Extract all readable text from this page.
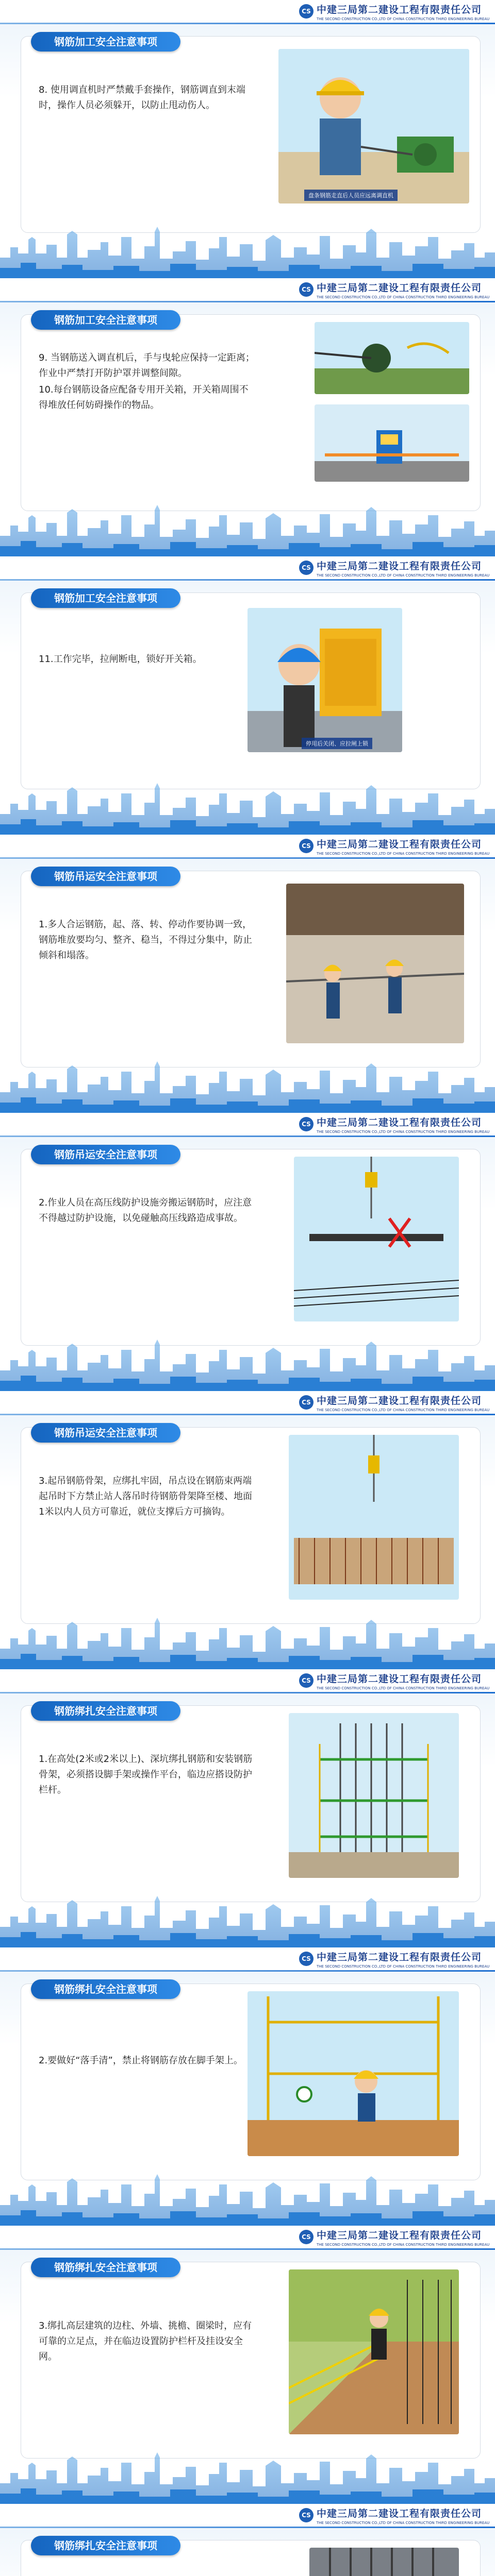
CS 中建三局第二建设工程有限责任公司
THE SECOND CONSTRUCTION CO.,LTD OF CHINA CONSTRUCTION THIRD ENGINEERING BUREAU
钢筋加工安全注意事项

8. 使用调直机时严禁戴手套操作，钢筋调直到末端时，操作人员必须躲开，以防止甩动伤人。

盘条钢筋走直后人员应远离调直机
CS 中建三局第二建设工程有限责任公司
THE SECOND CONSTRUCTION CO.,LTD OF CHINA CONSTRUCTION THIRD ENGINEERING BUREAU
钢筋加工安全注意事项

9. 当钢筋送入调直机后，手与曳轮应保持一定距离；作业中严禁打开防护罩并调整间隙。

10.每台钢筋设备应配备专用开关箱，开关箱周围不得堆放任何妨碍操作的物品。

CS 中建三局第二建设工程有限责任公司
THE SECOND CONSTRUCTION CO.,LTD OF CHINA CONSTRUCTION THIRD ENGINEERING BUREAU
钢筋加工安全注意事项

11.工作完毕，拉闸断电，锁好开关箱。

停用后关闭、应拉闸上锁
CS 中建三局第二建设工程有限责任公司
THE SECOND CONSTRUCTION CO.,LTD OF CHINA CONSTRUCTION THIRD ENGINEERING BUREAU
钢筋吊运安全注意事项

1.多人合运钢筋，起、落、转、停动作要协调一致，钢筋堆放要均匀、整齐、稳当，不得过分集中，防止倾斜和塌落。

CS 中建三局第二建设工程有限责任公司
THE SECOND CONSTRUCTION CO.,LTD OF CHINA CONSTRUCTION THIRD ENGINEERING BUREAU
钢筋吊运安全注意事项

2.作业人员在高压线防护设施旁搬运钢筋时，应注意不得越过防护设施，以免碰触高压线路造成事故。

CS 中建三局第二建设工程有限责任公司
THE SECOND CONSTRUCTION CO.,LTD OF CHINA CONSTRUCTION THIRD ENGINEERING BUREAU
钢筋吊运安全注意事项

3.起吊钢筋骨架，应绑扎牢固，吊点设在钢筋束两端起吊时下方禁止站人落吊时待钢筋骨架降至楼、地面1米以内人员方可靠近，就位支撑后方可摘钩。

CS 中建三局第二建设工程有限责任公司
THE SECOND CONSTRUCTION CO.,LTD OF CHINA CONSTRUCTION THIRD ENGINEERING BUREAU
钢筋绑扎安全注意事项

1.在高处(2米或2米以上)、深坑绑扎钢筋和安装钢筋骨架，必须搭设脚手架或操作平台，临边应搭设防护栏杆。

CS 中建三局第二建设工程有限责任公司
THE SECOND CONSTRUCTION CO.,LTD OF CHINA CONSTRUCTION THIRD ENGINEERING BUREAU
钢筋绑扎安全注意事项

2.要做好“落手清”，禁止将钢筋存放在脚手架上。

CS 中建三局第二建设工程有限责任公司
THE SECOND CONSTRUCTION CO.,LTD OF CHINA CONSTRUCTION THIRD ENGINEERING BUREAU
钢筋绑扎安全注意事项

3.绑扎高层建筑的边柱、外墙、挑檐、圈梁时，应有可靠的立足点，并在临边设置防护栏杆及挂设安全网。

CS 中建三局第二建设工程有限责任公司
THE SECOND CONSTRUCTION CO.,LTD OF CHINA CONSTRUCTION THIRD ENGINEERING BUREAU
钢筋绑扎安全注意事项
